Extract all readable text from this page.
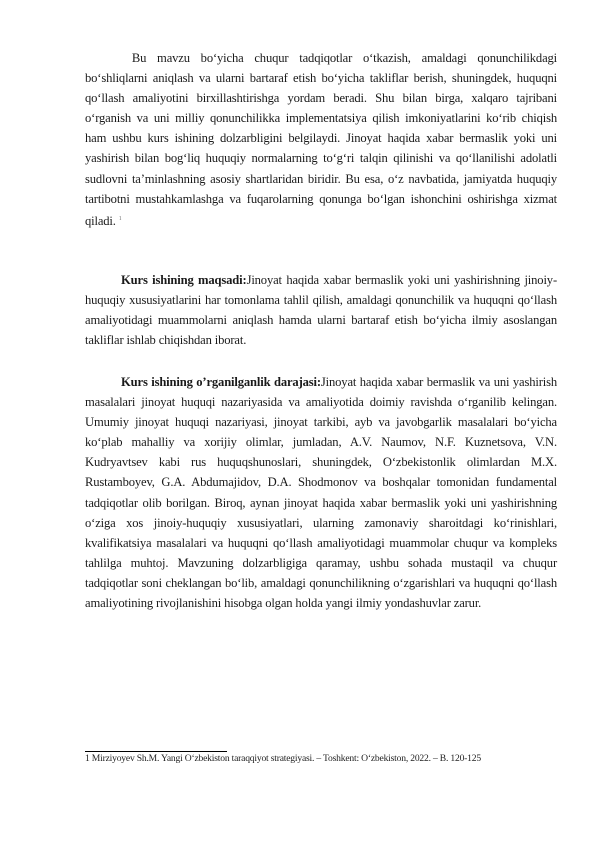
Bu mavzu bo‘yicha chuqur tadqiqotlar o‘tkazish, amaldagi qonunchilikdagi bo‘shliqlarni aniqlash va ularni bartaraf etish bo‘yicha takliflar berish, shuningdek, huquqni qo‘llash amaliyotini birxillashtirishga yordam beradi. Shu bilan birga, xalqaro tajribani o‘rganish va uni milliy qonunchilikka implementatsiya qilish imkoniyatlarini ko‘rib chiqish ham ushbu kurs ishining dolzarbligini belgilaydi. Jinoyat haqida xabar bermaslik yoki uni yashirish bilan bog‘liq huquqiy normalarning to‘g‘ri talqin qilinishi va qo‘llanilishi adolatli sudlovni ta’minlashning asosiy shartlaridan biridir. Bu esa, o‘z navbatida, jamiyatda huquqiy tartibotni mustahkamlashga va fuqarolarning qonunga bo‘lgan ishonchini oshirishga xizmat qiladi. $^1$
Kurs ishining maqsadi:Jinoyat haqida xabar bermaslik yoki uni yashirishning jinoiy-huquqiy xususiyatlarini har tomonlama tahlil qilish, amaldagi qonunchilik va huquqni qo‘llash amaliyotidagi muammolarni aniqlash hamda ularni bartaraf etish bo‘yicha ilmiy asoslangan takliflar ishlab chiqishdan iborat.
Kurs ishining o’rganilganlik darajasi:Jinoyat haqida xabar bermaslik va uni yashirish masalalari jinoyat huquqi nazariyasida va amaliyotida doimiy ravishda o‘rganilib kelingan. Umumiy jinoyat huquqi nazariyasi, jinoyat tarkibi, ayb va javobgarlik masalalari bo‘yicha ko‘plab mahalliy va xorijiy olimlar, jumladan, A.V. Naumov, N.F. Kuznetsova, V.N. Kudryavtsev kabi rus huquqshunoslari, shuningdek, O‘zbekistonlik olimlardan M.X. Rustamboyev, G.A. Abdumajidov, D.A. Shodmonov va boshqalar tomonidan fundamental tadqiqotlar olib borilgan. Biroq, aynan jinoyat haqida xabar bermaslik yoki uni yashirishning o‘ziga xos jinoiy-huquqiy xususiyatlari, ularning zamonaviy sharoitdagi ko‘rinishlari, kvalifikatsiya masalalari va huquqni qo‘llash amaliyotidagi muammolar chuqur va kompleks tahlilga muhtoj. Mavzuning dolzarbligiga qaramay, ushbu sohada mustaqil va chuqur tadqiqotlar soni cheklangan bo‘lib, amaldagi qonunchilikning o‘zgarishlari va huquqni qo‘llash amaliyotining rivojlanishini hisobga olgan holda yangi ilmiy yondashuvlar zarur.
1 Mirziyoyev Sh.M. Yangi O‘zbekiston taraqqiyot strategiyasi. – Toshkent: O‘zbekiston, 2022. – B. 120-125
